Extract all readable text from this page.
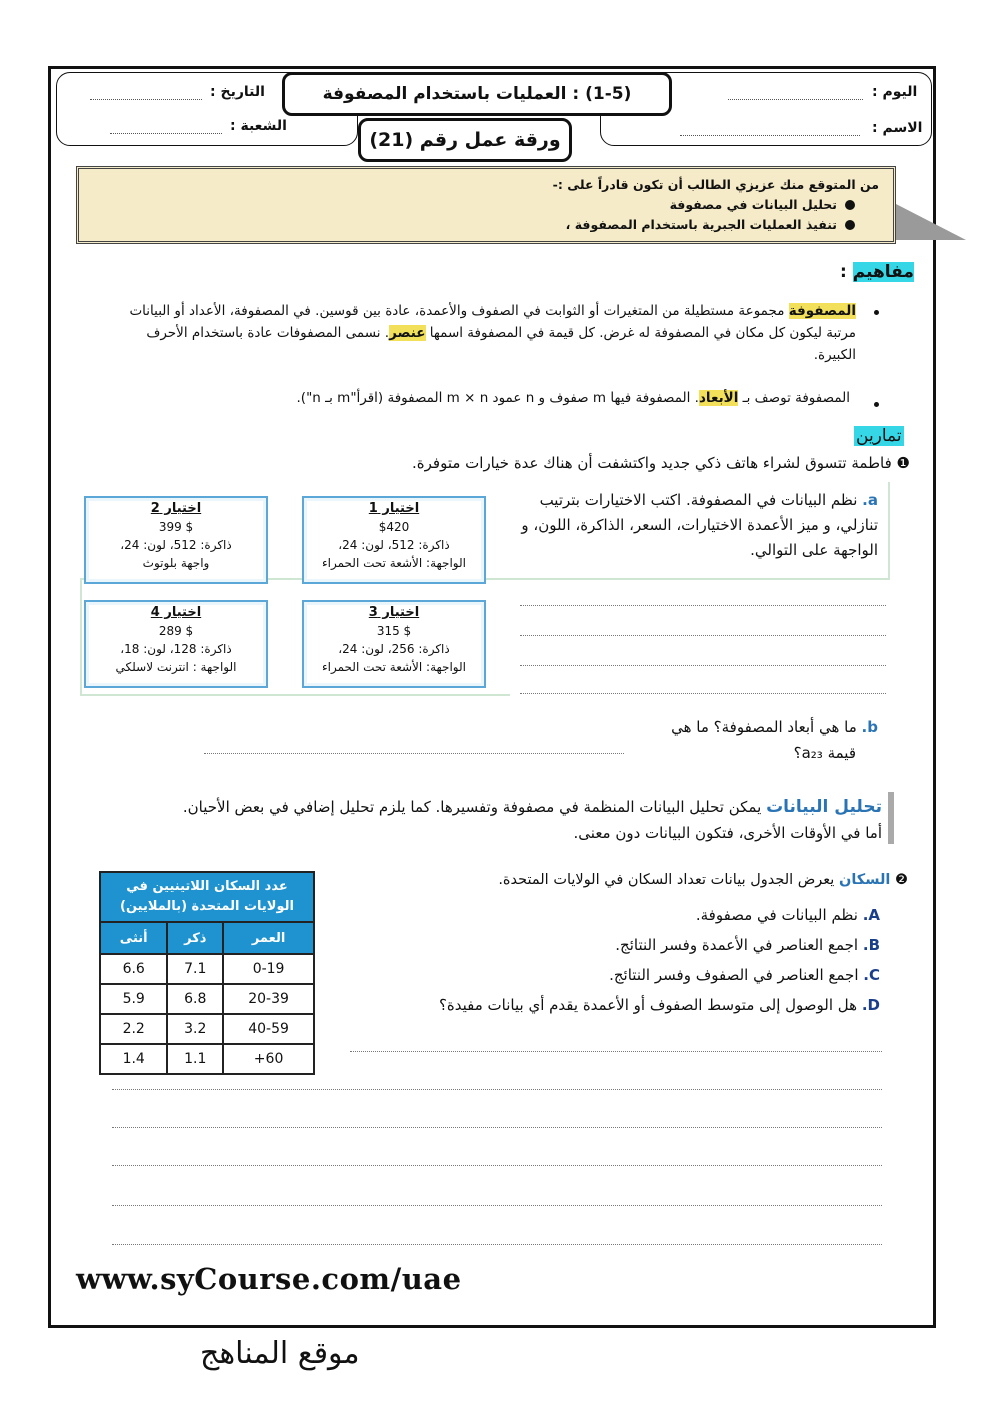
التاريخ :
الشعبة :
اليوم :
الاسم :
(1-5) : العمليات باستخدام المصفوفة
ورقة عمل رقم (21)
من المتوقع منك عزيزي الطالب أن تكون قادراً على :-
تحليل البيانات في مصفوفة
تنفيذ العمليات الجبرية باستخدام المصفوفة ،
مفاهيم :
المصفوفة مجموعة مستطيلة من المتغيرات أو الثوابت في الصفوف والأعمدة، عادة بين قوسين. في المصفوفة، الأعداد أو البيانات مرتبة ليكون كل مكان في المصفوفة له غرض. كل قيمة في المصفوفة اسمها عنصر. نسمى المصفوفات عادة باستخدام الأحرف الكبيرة.
المصفوفة توصف بـ الأبعاد. المصفوفة فيها m صفوف و n عمود m × n المصفوفة (اقرأ"m بـ n").
تمارين
❶ فاطمة تتسوق لشراء هاتف ذكي جديد واكتشفت أن هناك عدة خيارات متوفرة.
a. نظم البيانات في المصفوفة. اكتب الاختيارات بترتيب تنازلي، و ميز الأعمدة الاختيارات، السعر، الذاكرة، اللون، و الواجهة على التوالي.
اختيار 1
$420
ذاكرة: 512، لون: 24،
الواجهة: الأشعة تحت الحمراء
اختيار 2
$ 399
ذاكرة: 512، لون: 24،
واجهة بلوتوث
اختيار 3
$ 315
ذاكرة: 256، لون: 24،
الواجهة: الأشعة تحت الحمراء
اختيار 4
$ 289
ذاكرة: 128، لون: 18،
الواجهة : انترنت لاسلكي
b. ما هي أبعاد المصفوفة؟ ما هي
قيمة a₂₃؟
تحليل البيانات يمكن تحليل البيانات المنظمة في مصفوفة وتفسيرها. كما يلزم تحليل إضافي في بعض الأحيان.
أما في الأوقات الأخرى، فتكون البيانات دون معنى.
❷ السكان يعرض الجدول بيانات تعداد السكان في الولايات المتحدة.
A. نظم البيانات في مصفوفة.
B. اجمع العناصر في الأعمدة وفسر النتائج.
C. اجمع العناصر في الصفوف وفسر النتائج.
D. هل الوصول إلى متوسط الصفوف أو الأعمدة يقدم أي بيانات مفيدة؟
عدد السكان اللاتينيين في الولايات المتحدة (بالملايين)		
العمر	ذكر	أنثى
0-19	7.1	6.6
20-39	6.8	5.9
40-59	3.2	2.2
60+	1.1	1.4
www.syCourse.com/uae
موقع المناهج
